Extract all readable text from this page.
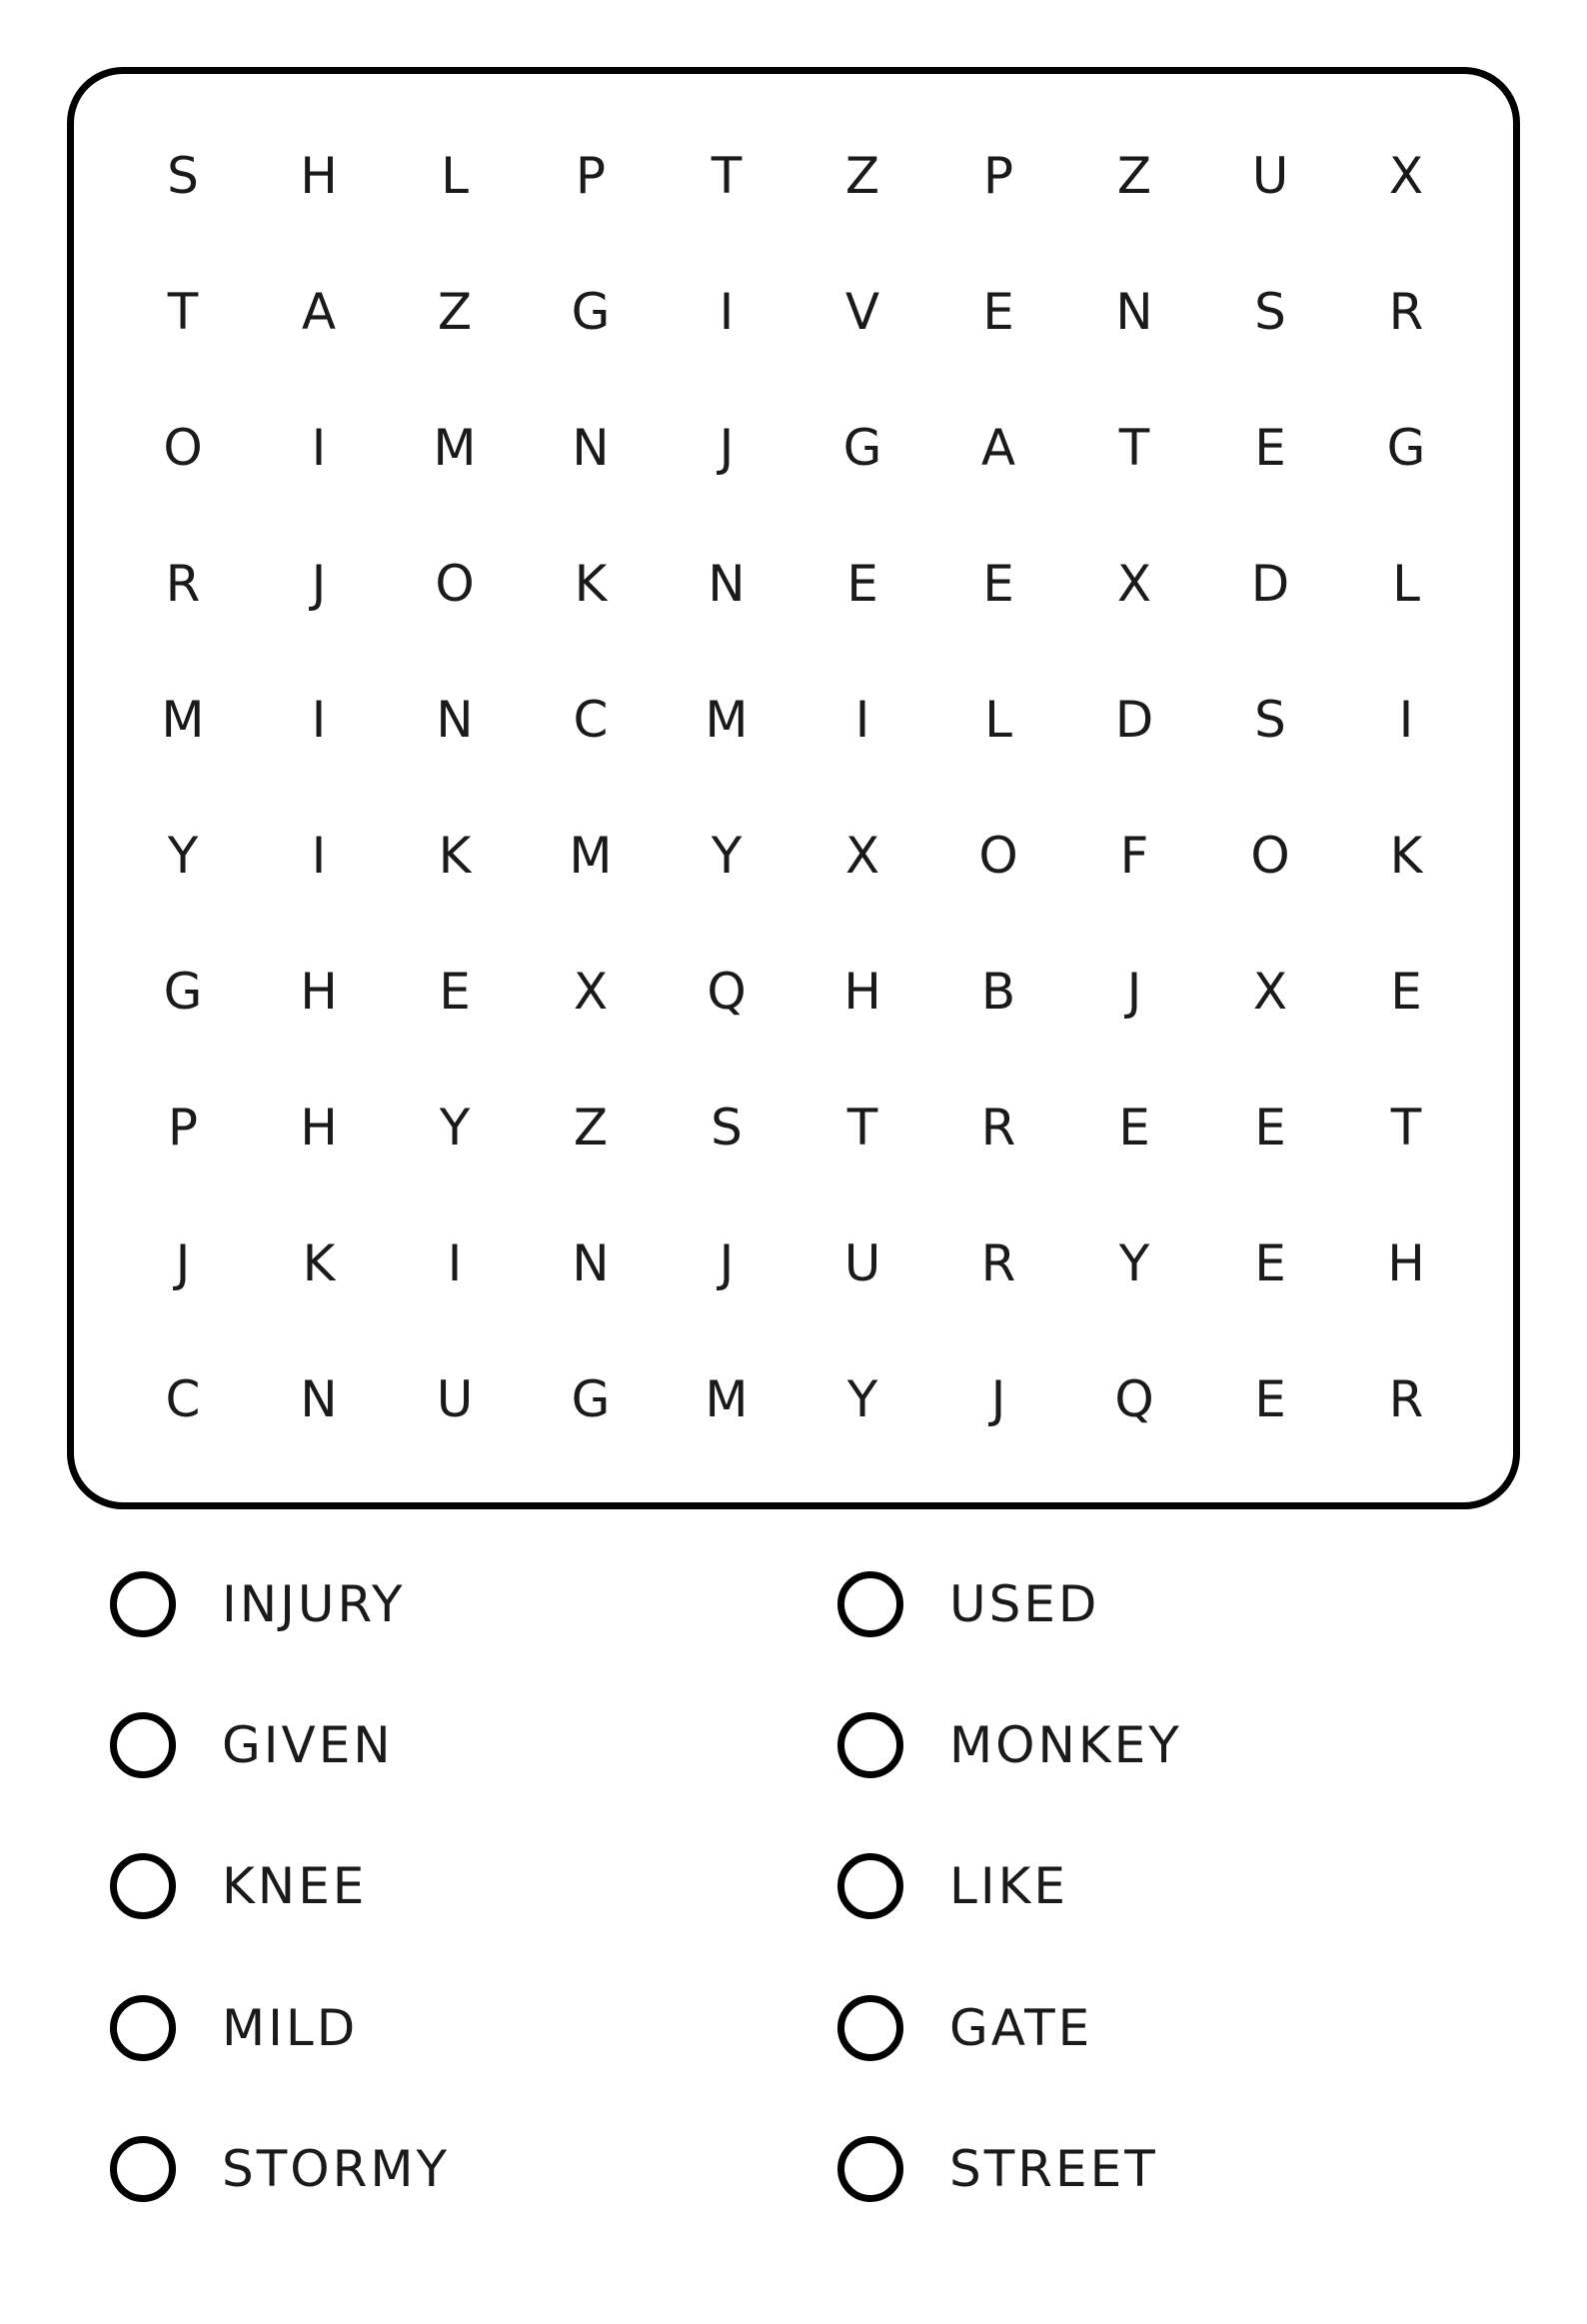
S	H	L	P	T	Z	P	Z	U	X
T	A	Z	G	I	V	E	N	S	R
O	I	M	N	J	G	A	T	E	G
R	J	O	K	N	E	E	X	D	L
M	I	N	C	M	I	L	D	S	I
Y	I	K	M	Y	X	O	F	O	K
G	H	E	X	Q	H	B	J	X	E
P	H	Y	Z	S	T	R	E	E	T
J	K	I	N	J	U	R	Y	E	H
C	N	U	G	M	Y	J	Q	E	R
INJURY
GIVEN
KNEE
MILD
STORMY
USED
MONKEY
LIKE
GATE
STREET
